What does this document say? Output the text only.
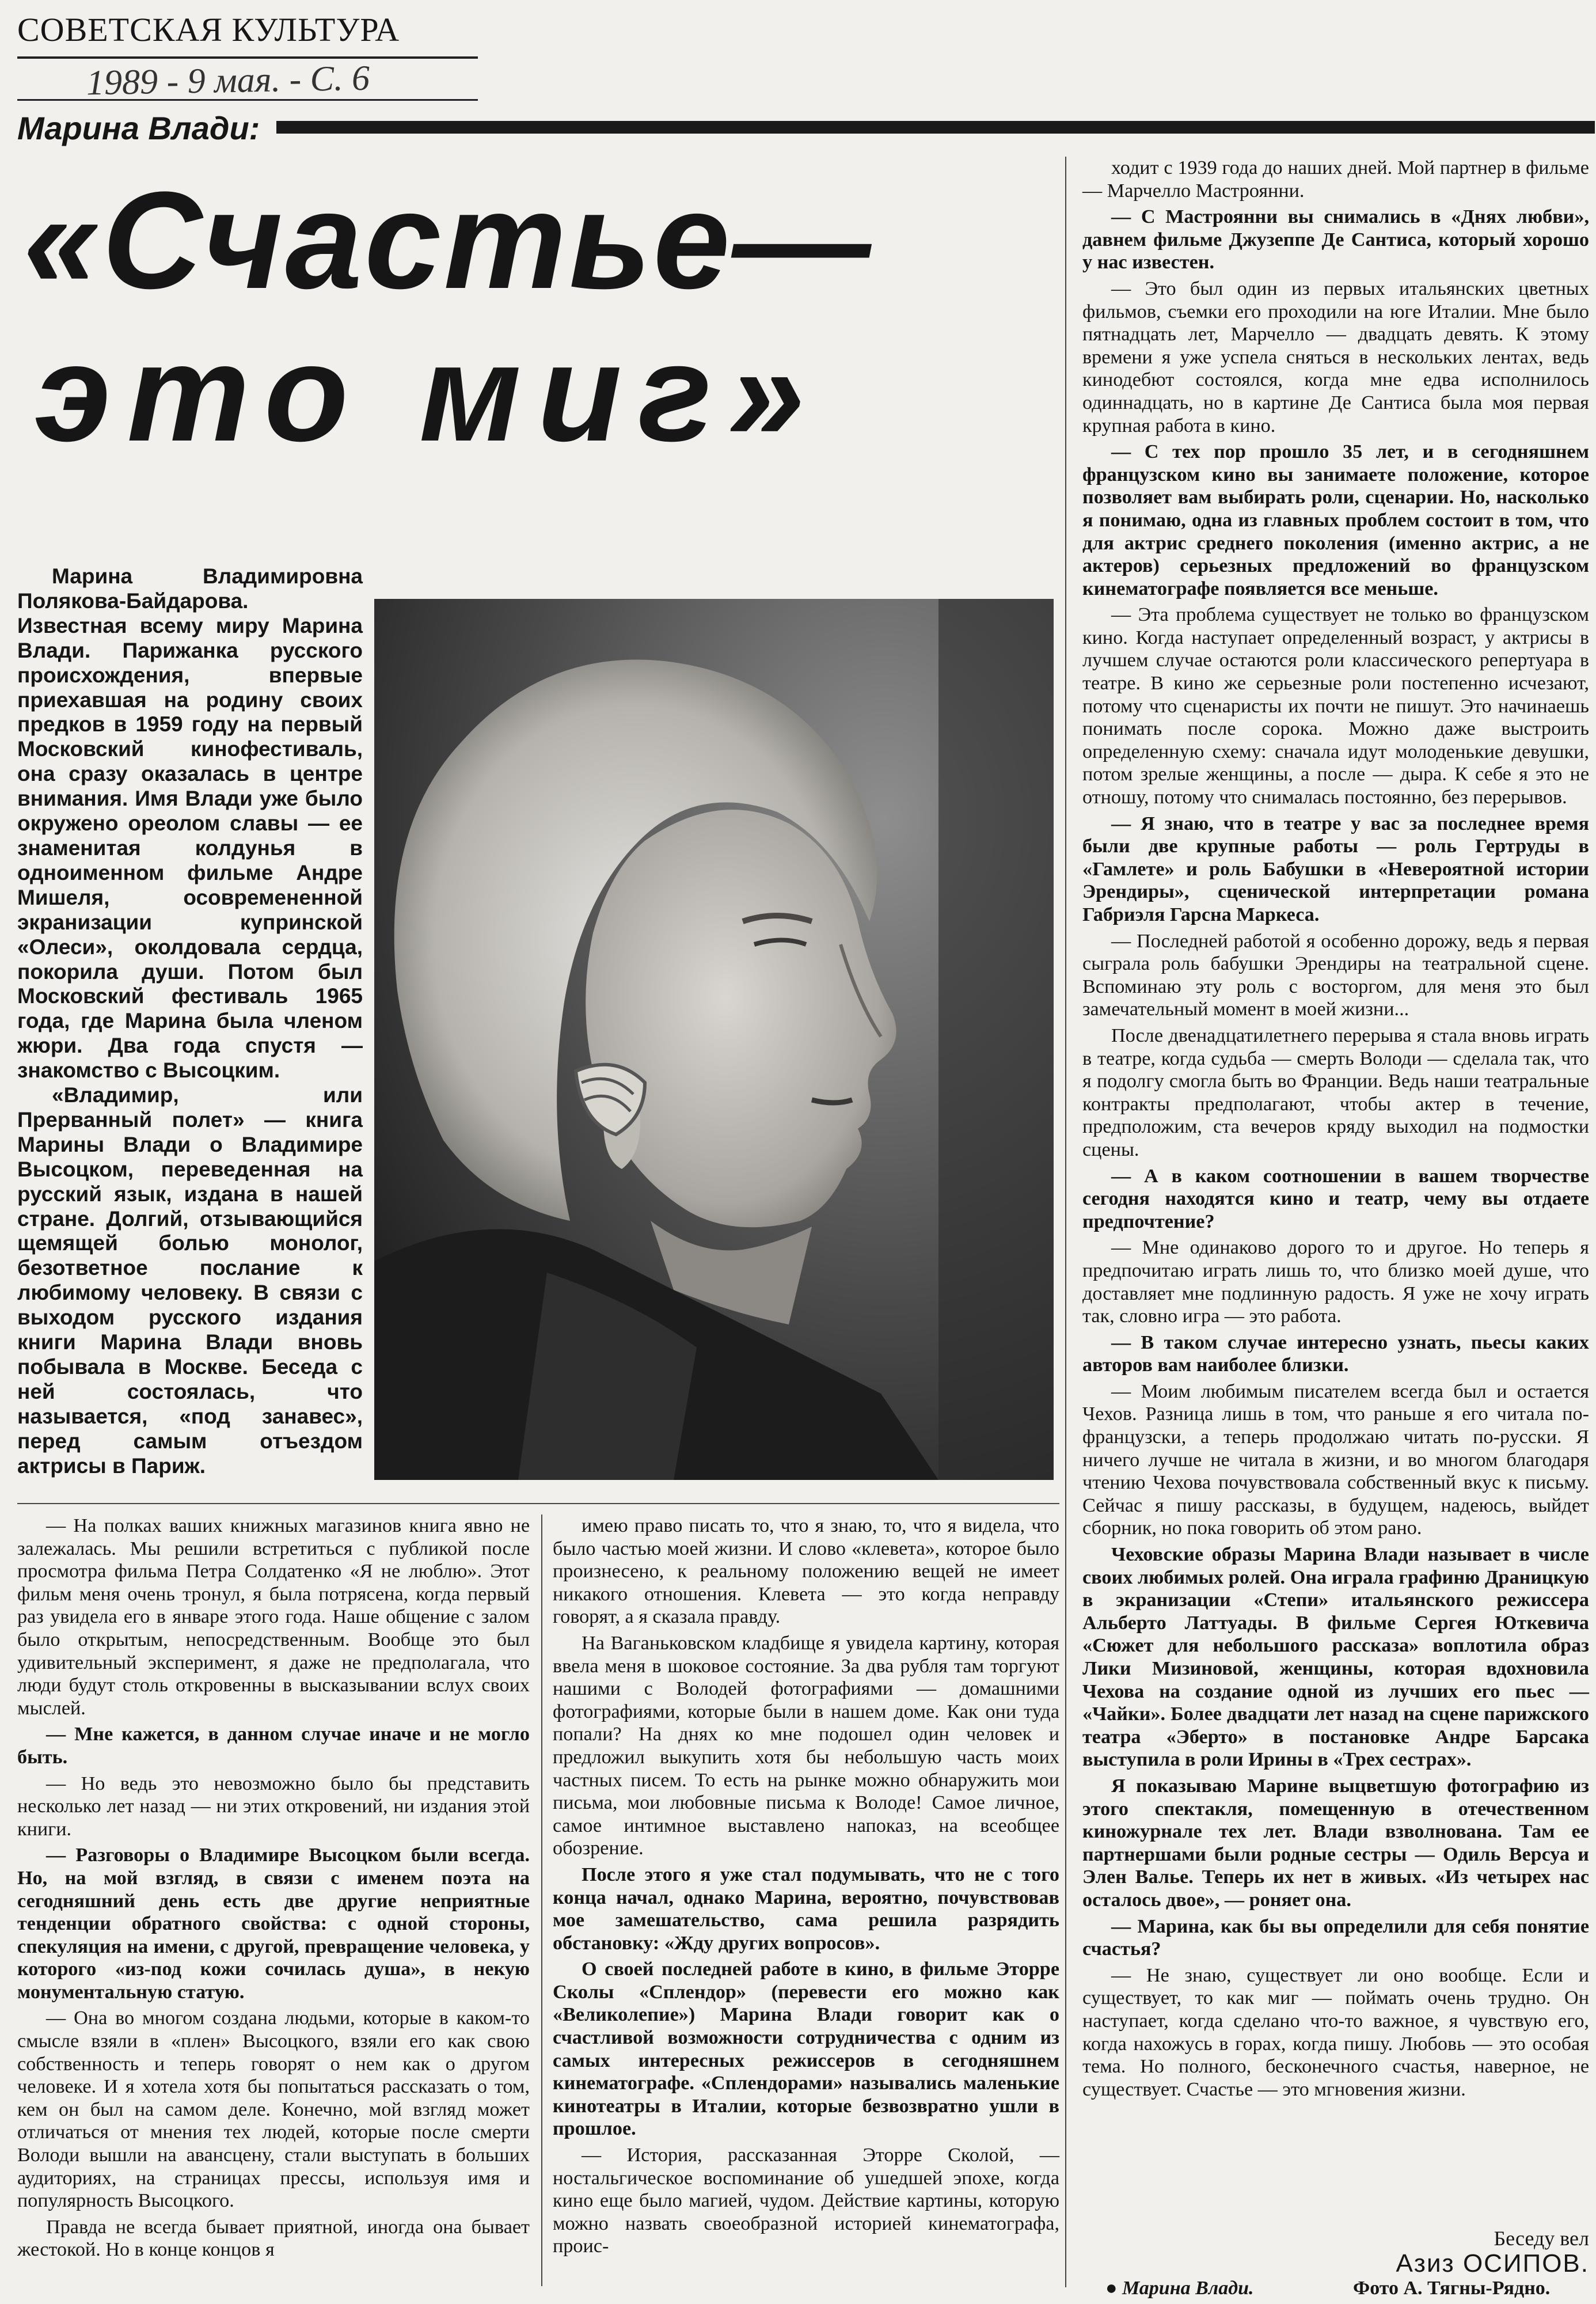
СОВЕТСКАЯ КУЛЬТУРА
1989 - 9 мая. - С. 6
Марина Влади:
«Счастье—
это миг»

Марина Владимировна Полякова-Байдарова. Известная всему миру Марина Влади. Парижанка русского происхождения, впервые приехавшая на родину своих предков в 1959 году на первый Московский кинофестиваль, она сразу оказалась в центре внимания. Имя Влади уже было окружено ореолом славы — ее знаменитая колдунья в одноименном фильме Андре Мишеля, осовремененной экранизации купринской «Олеси», околдовала сердца, покорила души. Потом был Московский фестиваль 1965 года, где Марина была членом жюри. Два года спустя — знакомство с Высоцким.

«Владимир, или Прерванный полет» — книга Марины Влади о Владимире Высоцком, переведенная на русский язык, издана в нашей стране. Долгий, отзывающийся щемящей болью монолог, безответное послание к любимому человеку. В связи с выходом русского издания книги Марина Влади вновь побывала в Москве. Беседа с ней состоялась, что называется, «под занавес», перед самым отъездом актрисы в Париж.

ходит с 1939 года до наших дней. Мой партнер в фильме — Марчелло Мастроянни.

— С Мастроянни вы снимались в «Днях любви», давнем фильме Джузеппе Де Сантиса, который хорошо у нас известен.

— Это был один из первых итальянских цветных фильмов, съемки его проходили на юге Италии. Мне было пятнадцать лет, Марчелло — двадцать девять. К этому времени я уже успела сняться в нескольких лентах, ведь кинодебют состоялся, когда мне едва исполнилось одиннадцать, но в картине Де Сантиса была моя первая крупная работа в кино.

— С тех пор прошло 35 лет, и в сегодняшнем французском кино вы занимаете положение, которое позволяет вам выбирать роли, сценарии. Но, насколько я понимаю, одна из главных проблем состоит в том, что для актрис среднего поколения (именно актрис, а не актеров) серьезных предложений во французском кинематографе появляется все меньше.

— Эта проблема существует не только во французском кино. Когда наступает определенный возраст, у актрисы в лучшем случае остаются роли классического репертуара в театре. В кино же серьезные роли постепенно исчезают, потому что сценаристы их почти не пишут. Это начинаешь понимать после сорока. Можно даже выстроить определенную схему: сначала идут молоденькие девушки, потом зрелые женщины, а после — дыра. К себе я это не отношу, потому что снималась постоянно, без перерывов.

— Я знаю, что в театре у вас за последнее время были две крупные работы — роль Гертруды в «Гамлете» и роль Бабушки в «Невероятной истории Эрендиры», сценической интерпретации романа Габриэля Гарсна Маркеса.

— Последней работой я особенно дорожу, ведь я первая сыграла роль бабушки Эрендиры на театральной сцене. Вспоминаю эту роль с восторгом, для меня это был замечательный момент в моей жизни...

После двенадцатилетнего перерыва я стала вновь играть в театре, когда судьба — смерть Володи — сделала так, что я подолгу смогла быть во Франции. Ведь наши театральные контракты предполагают, чтобы актер в течение, предположим, ста вечеров кряду выходил на подмостки сцены.

— А в каком соотношении в вашем творчестве сегодня находятся кино и театр, чему вы отдаете предпочтение?

— Мне одинаково дорого то и другое. Но теперь я предпочитаю играть лишь то, что близко моей душе, что доставляет мне подлинную радость. Я уже не хочу играть так, словно игра — это работа.

— В таком случае интересно узнать, пьесы каких авторов вам наиболее близки.

— Моим любимым писателем всегда был и остается Чехов. Разница лишь в том, что раньше я его читала по-французски, а теперь продолжаю читать по-русски. Я ничего лучше не читала в жизни, и во многом благодаря чтению Чехова почувствовала собственный вкус к письму. Сейчас я пишу рассказы, в будущем, надеюсь, выйдет сборник, но пока говорить об этом рано.

Чеховские образы Марина Влади называет в числе своих любимых ролей. Она играла графиню Драницкую в экранизации «Степи» итальянского режиссера Альберто Латтуады. В фильме Сергея Юткевича «Сюжет для небольшого рассказа» воплотила образ Лики Мизиновой, женщины, которая вдохновила Чехова на создание одной из лучших его пьес — «Чайки». Более двадцати лет назад на сцене парижского театра «Эберто» в постановке Андре Барсака выступила в роли Ирины в «Трех сестрах».

Я показываю Марине выцветшую фотографию из этого спектакля, помещенную в отечественном киножурнале тех лет. Влади взволнована. Там ее партнершами были родные сестры — Одиль Версуа и Элен Валье. Теперь их нет в живых. «Из четырех нас осталось двое», — роняет она.

— Марина, как бы вы определили для себя понятие счастья?

— Не знаю, существует ли оно вообще. Если и существует, то как миг — поймать очень трудно. Он наступает, когда сделано что-то важное, я чувствую его, когда нахожусь в горах, когда пишу. Любовь — это особая тема. Но полного, бесконечного счастья, наверное, не существует. Счастье — это мгновения жизни.

— На полках ваших книжных магазинов книга явно не залежалась. Мы решили встретиться с публикой после просмотра фильма Петра Солдатенко «Я не люблю». Этот фильм меня очень тронул, я была потрясена, когда первый раз увидела его в январе этого года. Наше общение с залом было открытым, непосредственным. Вообще это был удивительный эксперимент, я даже не предполагала, что люди будут столь откровенны в высказывании вслух своих мыслей.

— Мне кажется, в данном случае иначе и не могло быть.

— Но ведь это невозможно было бы представить несколько лет назад — ни этих откровений, ни издания этой книги.

— Разговоры о Владимире Высоцком были всегда. Но, на мой взгляд, в связи с именем поэта на сегодняшний день есть две другие неприятные тенденции обратного свойства: с одной стороны, спекуляция на имени, с другой, превращение человека, у которого «из-под кожи сочилась душа», в некую монументальную статую.

— Она во многом создана людьми, которые в каком-то смысле взяли в «плен» Высоцкого, взяли его как свою собственность и теперь говорят о нем как о другом человеке. И я хотела хотя бы попытаться рассказать о том, кем он был на самом деле. Конечно, мой взгляд может отличаться от мнения тех людей, которые после смерти Володи вышли на авансцену, стали выступать в больших аудиториях, на страницах прессы, используя имя и популярность Высоцкого.

Правда не всегда бывает приятной, иногда она бывает жестокой. Но в конце концов я

имею право писать то, что я знаю, то, что я видела, что было частью моей жизни. И слово «клевета», которое было произнесено, к реальному положению вещей не имеет никакого отношения. Клевета — это когда неправду говорят, а я сказала правду.

На Ваганьковском кладбище я увидела картину, которая ввела меня в шоковое состояние. За два рубля там торгуют нашими с Володей фотографиями — домашними фотографиями, которые были в нашем доме. Как они туда попали? На днях ко мне подошел один человек и предложил выкупить хотя бы небольшую часть моих частных писем. То есть на рынке можно обнаружить мои письма, мои любовные письма к Володе! Самое личное, самое интимное выставлено напоказ, на всеобщее обозрение.

После этого я уже стал подумывать, что не с того конца начал, однако Марина, вероятно, почувствовав мое замешательство, сама решила разрядить обстановку: «Жду других вопросов».

О своей последней работе в кино, в фильме Эторре Сколы «Сплендор» (перевести его можно как «Великолепие») Марина Влади говорит как о счастливой возможности сотрудничества с одним из самых интересных режиссеров в сегодняшнем кинематографе. «Сплендорами» назывались маленькие кинотеатры в Италии, которые безвозвратно ушли в прошлое.

— История, рассказанная Эторре Сколой, — ностальгическое воспоминание об ушедшей эпохе, когда кино еще было магией, чудом. Действие картины, которую можно назвать своеобразной историей кинематографа, проис-	Беседу вел
Азиз ОСИПОВ.
● Марина Влади.	Фото А. Тягны-Рядно.
